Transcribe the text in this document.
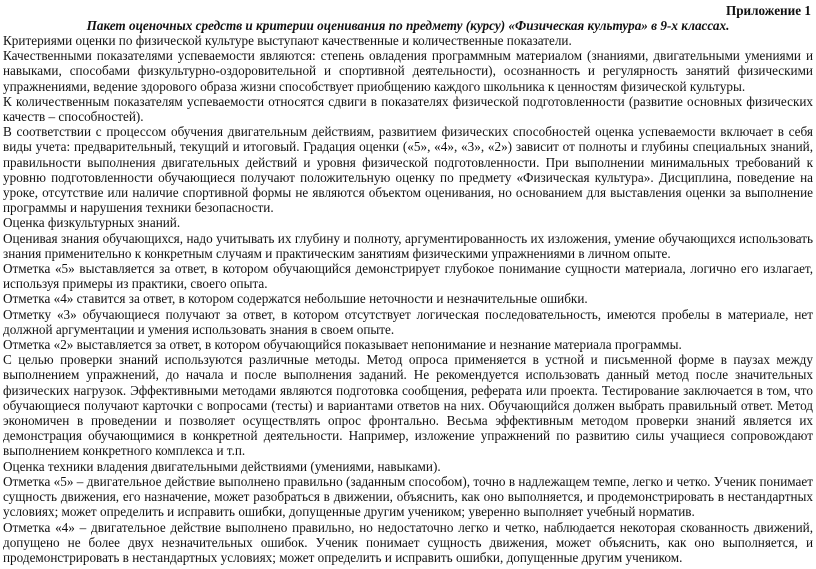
Приложение 1

Пакет оценочных средств и критерии оценивания по предмету (курсу) «Физическая культура» в 9-х классах.

Критериями оценки по физической культуре выступают качественные и количественные показатели.

Качественными показателями успеваемости являются: степень овладения программным материалом (знаниями, двигательными умениями и навыками, способами физкультурно-оздоровительной и спортивной деятельности), осознанность и регулярность занятий физическими упражнениями, ведение здорового образа жизни способствует приобщению каждого школьника к ценностям физической культуры.

К количественным показателям успеваемости относятся сдвиги в показателях физической подготовленности (развитие основных физических качеств – способностей).

В соответствии с процессом обучения двигательным действиям, развитием физических способностей оценка успеваемости включает в себя виды учета: предварительный, текущий и итоговый. Градация оценки («5», «4», «3», «2») зависит от полноты и глубины специальных знаний, правильности выполнения двигательных действий и уровня физической подготовленности. При выполнении минимальных требований к уровню подготовленности обучающиеся получают положительную оценку по предмету «Физическая культура». Дисциплина, поведение на уроке, отсутствие или наличие спортивной формы не являются объектом оценивания, но основанием для выставления оценки за выполнение программы и нарушения техники безопасности.

Оценка физкультурных знаний.

Оценивая знания обучающихся, надо учитывать их глубину и полноту, аргументированность их изложения, умение обучающихся использовать знания применительно к конкретным случаям и практическим занятиям физическими упражнениями в личном опыте.

Отметка «5» выставляется за ответ, в котором обучающийся демонстрирует глубокое понимание сущности материала, логично его излагает, используя примеры из практики, своего опыта.

Отметка «4» ставится за ответ, в котором содержатся небольшие неточности и незначительные ошибки.

Отметку «3» обучающиеся получают за ответ, в котором отсутствует логическая последовательность, имеются пробелы в материале, нет должной аргументации и умения использовать знания в своем опыте.

Отметка «2» выставляется за ответ, в котором обучающийся показывает непонимание и незнание материала программы.

С целью проверки знаний используются различные методы. Метод опроса применяется в устной и письменной форме в паузах между выполнением упражнений, до начала и после выполнения заданий. Не рекомендуется использовать данный метод после значительных физических нагрузок. Эффективными методами являются подготовка сообщения, реферата или проекта. Тестирование заключается в том, что обучающиеся получают карточки с вопросами (тесты) и вариантами ответов на них. Обучающийся должен выбрать правильный ответ. Метод экономичен в проведении и позволяет осуществлять опрос фронтально. Весьма эффективным методом проверки знаний является их демонстрация обучающимися в конкретной деятельности. Например, изложение упражнений по развитию силы учащиеся сопровождают выполнением конкретного комплекса и т.п.

Оценка техники владения двигательными действиями (умениями, навыками).

Отметка «5» – двигательное действие выполнено правильно (заданным способом), точно в надлежащем темпе, легко и четко. Ученик понимает сущность движения, его назначение, может разобраться в движении, объяснить, как оно выполняется, и продемонстрировать в нестандартных условиях; может определить и исправить ошибки, допущенные другим учеником; уверенно выполняет учебный норматив.

Отметка «4» – двигательное действие выполнено правильно, но недостаточно легко и четко, наблюдается некоторая скованность движений, допущено не более двух незначительных ошибок. Ученик понимает сущность движения, может объяснить, как оно выполняется, и продемонстрировать в нестандартных условиях; может определить и исправить ошибки, допущенные другим учеником.
